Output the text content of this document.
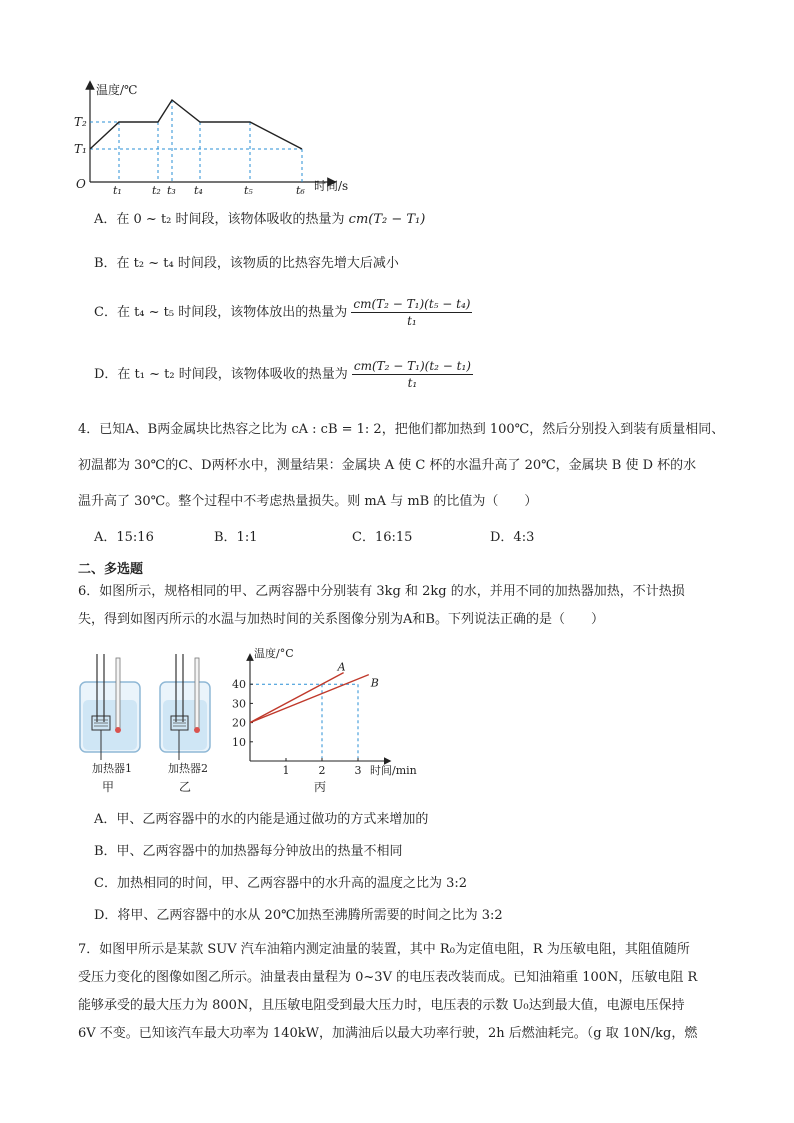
温度/℃
时间/s
O
T₂
T₁
t₁	t₂ t₃ t₄	t₅	t₆
A．在 0 ~ t₂ 时间段，该物体吸收的热量为 cm(T₂ − T₁)
B．在 t₂ ~ t₄ 时间段，该物质的比热容先增大后减小
C．在 t₄ ~ t₅ 时间段，该物体放出的热量为 $\frac{\text{cm(T₂ − T₁)(t₅ − t₄)}}{\text{t₁}}$
D．在 t₁ ~ t₂ 时间段，该物体吸收的热量为 $\frac{\text{cm(T₂ − T₁)(t₂ − t₁)}}{\text{t₁}}$
4．已知A、B两金属块比热容之比为 cA : cB = 1: 2，把他们都加热到 100℃，然后分别投入到装有质量相同、
初温都为 30℃的C、D两杯水中，测量结果：金属块 A 使 C 杯的水温升高了 20℃，金属块 B 使 D 杯的水
温升高了 30℃。整个过程中不考虑热量损失。则 mA 与 mB 的比值为（　　）
A．15:16	B．1:1	C．16:15	D．4:3
二、多选题
6．如图所示，规格相同的甲、乙两容器中分别装有 3kg 和 2kg 的水，并用不同的加热器加热，不计热损
失，得到如图丙所示的水温与加热时间的关系图像分别为A和B。下列说法正确的是（　　）
加热器1	加热器2
甲	乙
10
20
30
40
1	2	3
A
B
温度/°C
时间/min
丙
A．甲、乙两容器中的水的内能是通过做功的方式来增加的
B．甲、乙两容器中的加热器每分钟放出的热量不相同
C．加热相同的时间，甲、乙两容器中的水升高的温度之比为 3:2
D．将甲、乙两容器中的水从 20℃加热至沸腾所需要的时间之比为 3:2
7．如图甲所示是某款 SUV 汽车油箱内测定油量的装置，其中 R₀为定值电阻，R 为压敏电阻，其阻值随所
受压力变化的图像如图乙所示。油量表由量程为 0~3V 的电压表改装而成。已知油箱重 100N，压敏电阻 R
能够承受的最大压力为 800N，且压敏电阻受到最大压力时，电压表的示数 U₀达到最大值，电源电压保持
6V 不变。已知该汽车最大功率为 140kW，加满油后以最大功率行驶，2h 后燃油耗完。（g 取 10N/kg，燃
